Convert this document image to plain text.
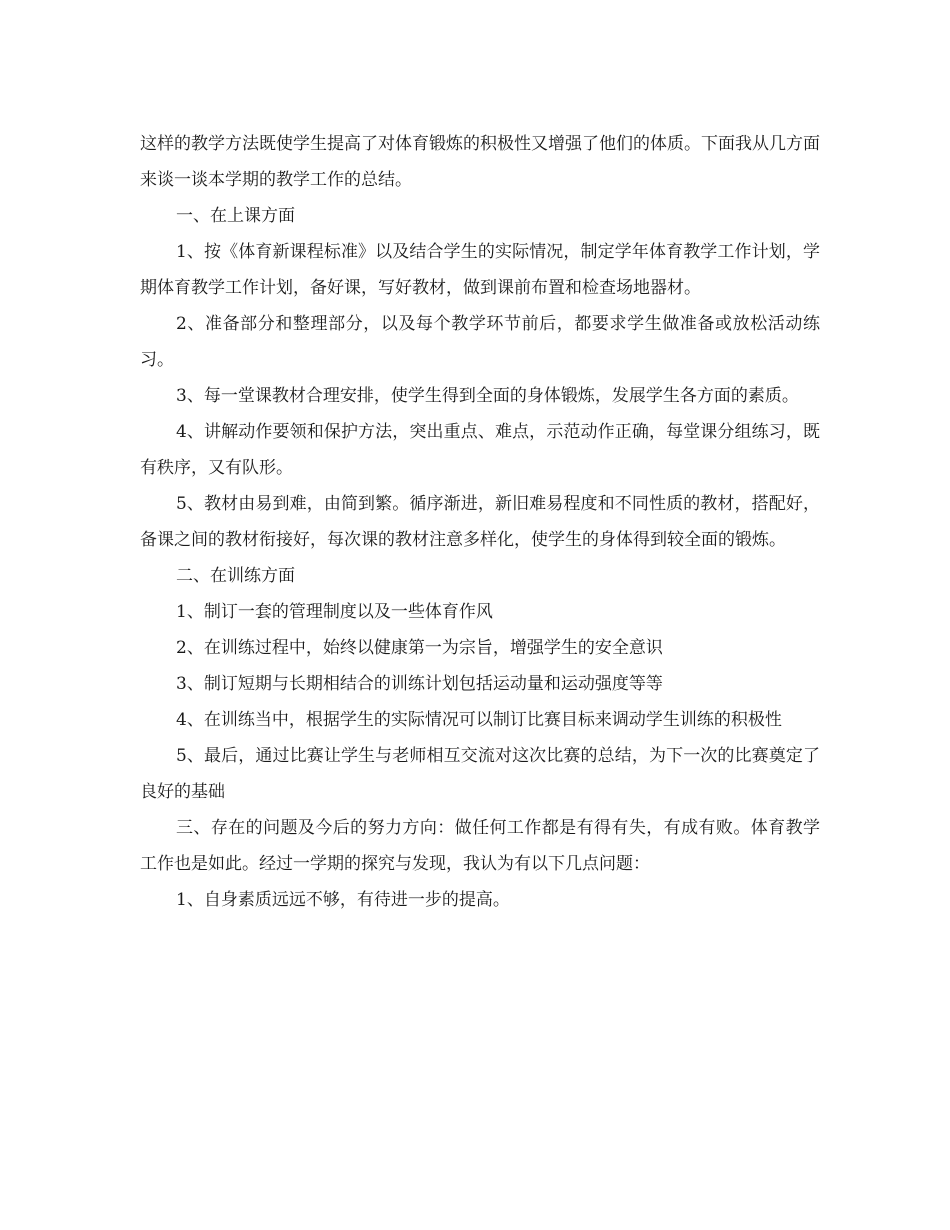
这样的教学方法既使学生提高了对体育锻炼的积极性又增强了他们的体质。下面我从几方面来谈一谈本学期的教学工作的总结。

一、在上课方面

1、按《体育新课程标准》以及结合学生的实际情况，制定学年体育教学工作计划，学期体育教学工作计划，备好课，写好教材，做到课前布置和检查场地器材。

2、准备部分和整理部分，以及每个教学环节前后，都要求学生做准备或放松活动练习。

3、每一堂课教材合理安排，使学生得到全面的身体锻炼，发展学生各方面的素质。

4、讲解动作要领和保护方法，突出重点、难点，示范动作正确，每堂课分组练习，既有秩序，又有队形。

5、教材由易到难，由简到繁。循序渐进，新旧难易程度和不同性质的教材，搭配好，备课之间的教材衔接好，每次课的教材注意多样化，使学生的身体得到较全面的锻炼。

二、在训练方面

1、制订一套的管理制度以及一些体育作风

2、在训练过程中，始终以健康第一为宗旨，增强学生的安全意识

3、制订短期与长期相结合的训练计划包括运动量和运动强度等等

4、在训练当中，根据学生的实际情况可以制订比赛目标来调动学生训练的积极性

5、最后，通过比赛让学生与老师相互交流对这次比赛的总结，为下一次的比赛奠定了良好的基础

三、存在的问题及今后的努力方向：做任何工作都是有得有失，有成有败。体育教学工作也是如此。经过一学期的探究与发现，我认为有以下几点问题：

1、自身素质远远不够，有待进一步的提高。
